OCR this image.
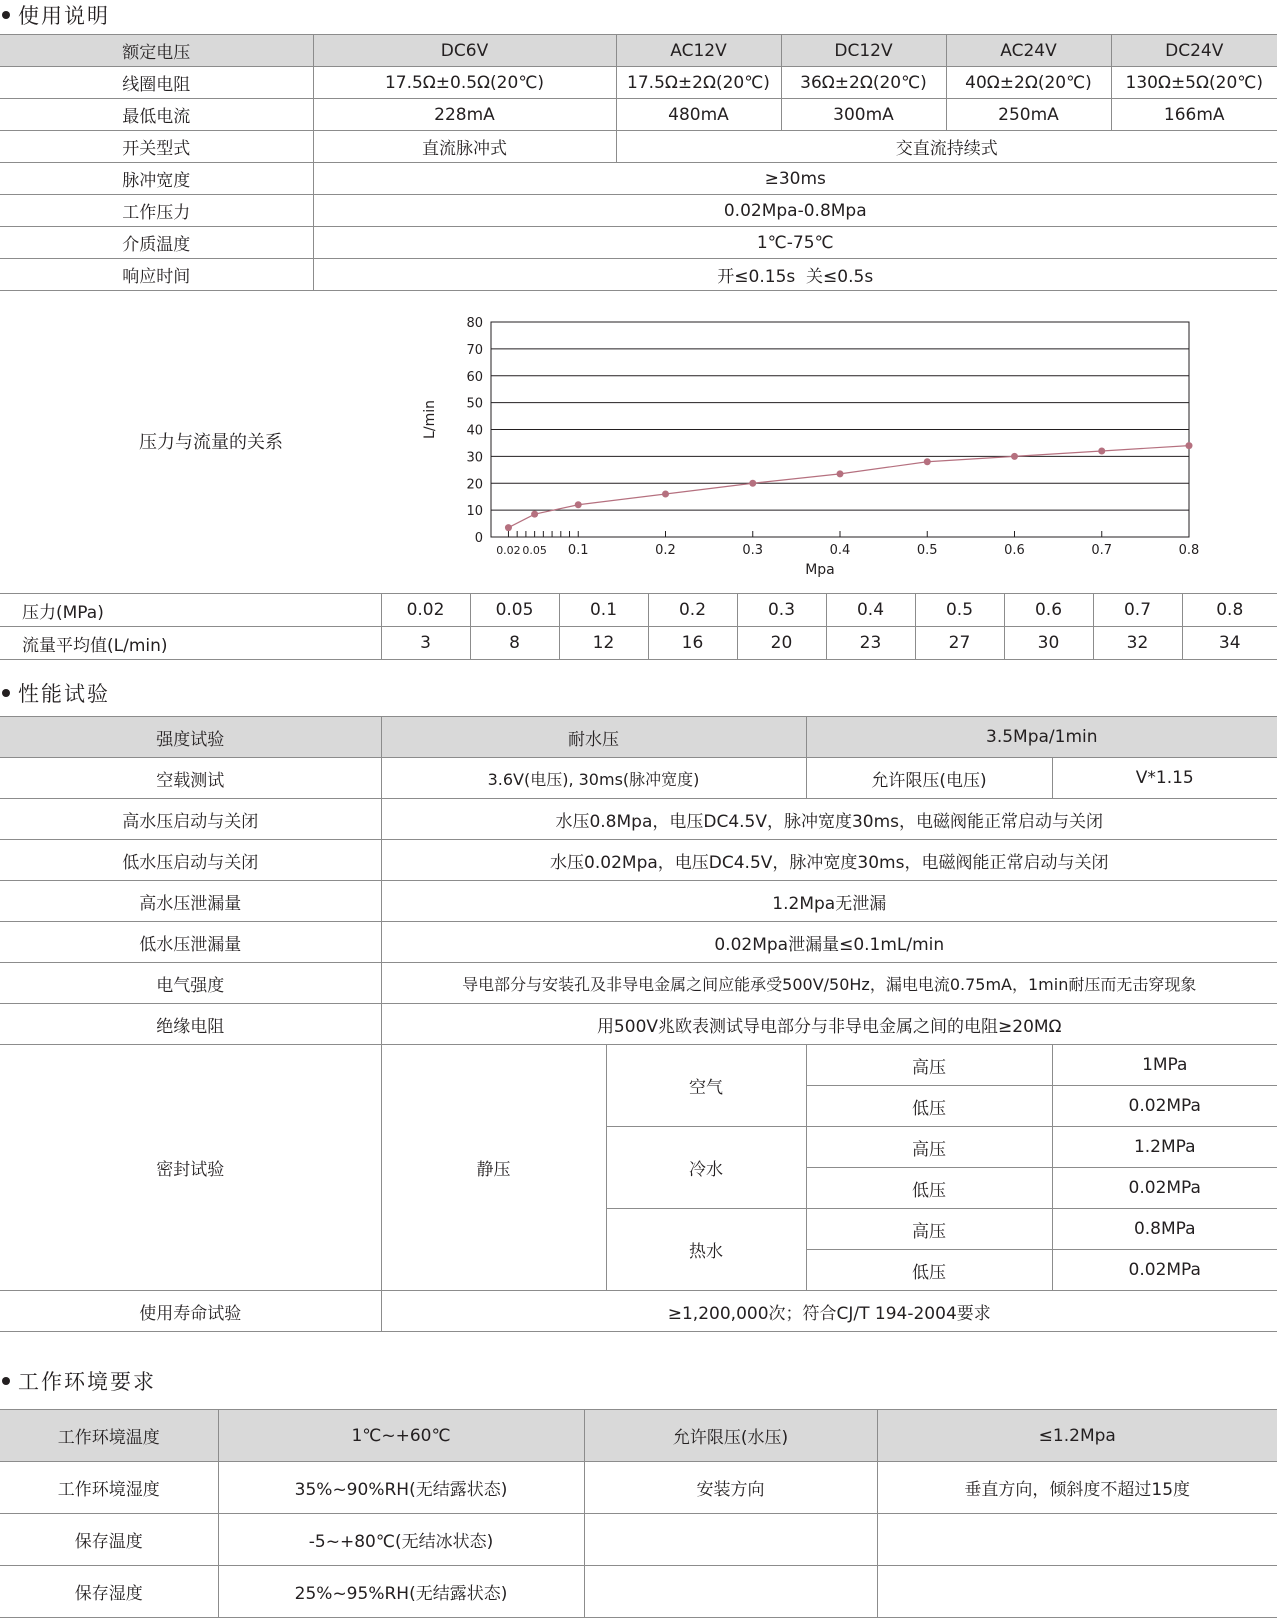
使用说明
额定电压	DC6V	AC12V	DC12V	AC24V	DC24V
线圈电阻	17.5Ω±0.5Ω(20℃)	17.5Ω±2Ω(20℃)	36Ω±2Ω(20℃)	40Ω±2Ω(20℃)	130Ω±5Ω(20℃)
最低电流	228mA	480mA	300mA	250mA	166mA
开关型式	直流脉冲式	交直流持续式			
脉冲宽度	≥30ms				
工作压力	0.02Mpa-0.8Mpa				
介质温度	1℃-75℃				
响应时间	开≤0.15s  关≤0.5s				
压力与流量的关系
0
10
20
30
40
50
60
70
80
0.02 0.05 0.1	0.2	0.3	0.4	0.5	0.6	0.7	0.8
Mpa
L/min
压力(MPa)	0.02	0.05	0.1	0.2	0.3	0.4	0.5	0.6	0.7	0.8
流量平均值(L/min)	3	8	12	16	20	23	27	30	32	34
性能试验
强度试验	耐水压		3.5Mpa/1min	
空载测试	3.6V(电压), 30ms(脉冲宽度)		允许限压(电压)	V*1.15
高水压启动与关闭	水压0.8Mpa，电压DC4.5V，脉冲宽度30ms，电磁阀能正常启动与关闭			
低水压启动与关闭	水压0.02Mpa，电压DC4.5V，脉冲宽度30ms，电磁阀能正常启动与关闭			
高水压泄漏量	1.2Mpa无泄漏			
低水压泄漏量	0.02Mpa泄漏量≤0.1mL/min			
电气强度	导电部分与安装孔及非导电金属之间应能承受500V/50Hz，漏电电流0.75mA，1min耐压而无击穿现象			
绝缘电阻	用500V兆欧表测试导电部分与非导电金属之间的电阻≥20MΩ			
密封试验	静压	空气	高压	1MPa
			低压	0.02MPa
		冷水	高压	1.2MPa
			低压	0.02MPa
		热水	高压	0.8MPa
			低压	0.02MPa
使用寿命试验	≥1,200,000次；符合CJ/T 194-2004要求			
工作环境要求
工作环境温度	1℃~+60℃	允许限压(水压)	≤1.2Mpa
工作环境湿度	35%~90%RH(无结露状态)	安装方向	垂直方向，倾斜度不超过15度
保存温度	-5~+80℃(无结冰状态)		
保存湿度	25%~95%RH(无结露状态)		
